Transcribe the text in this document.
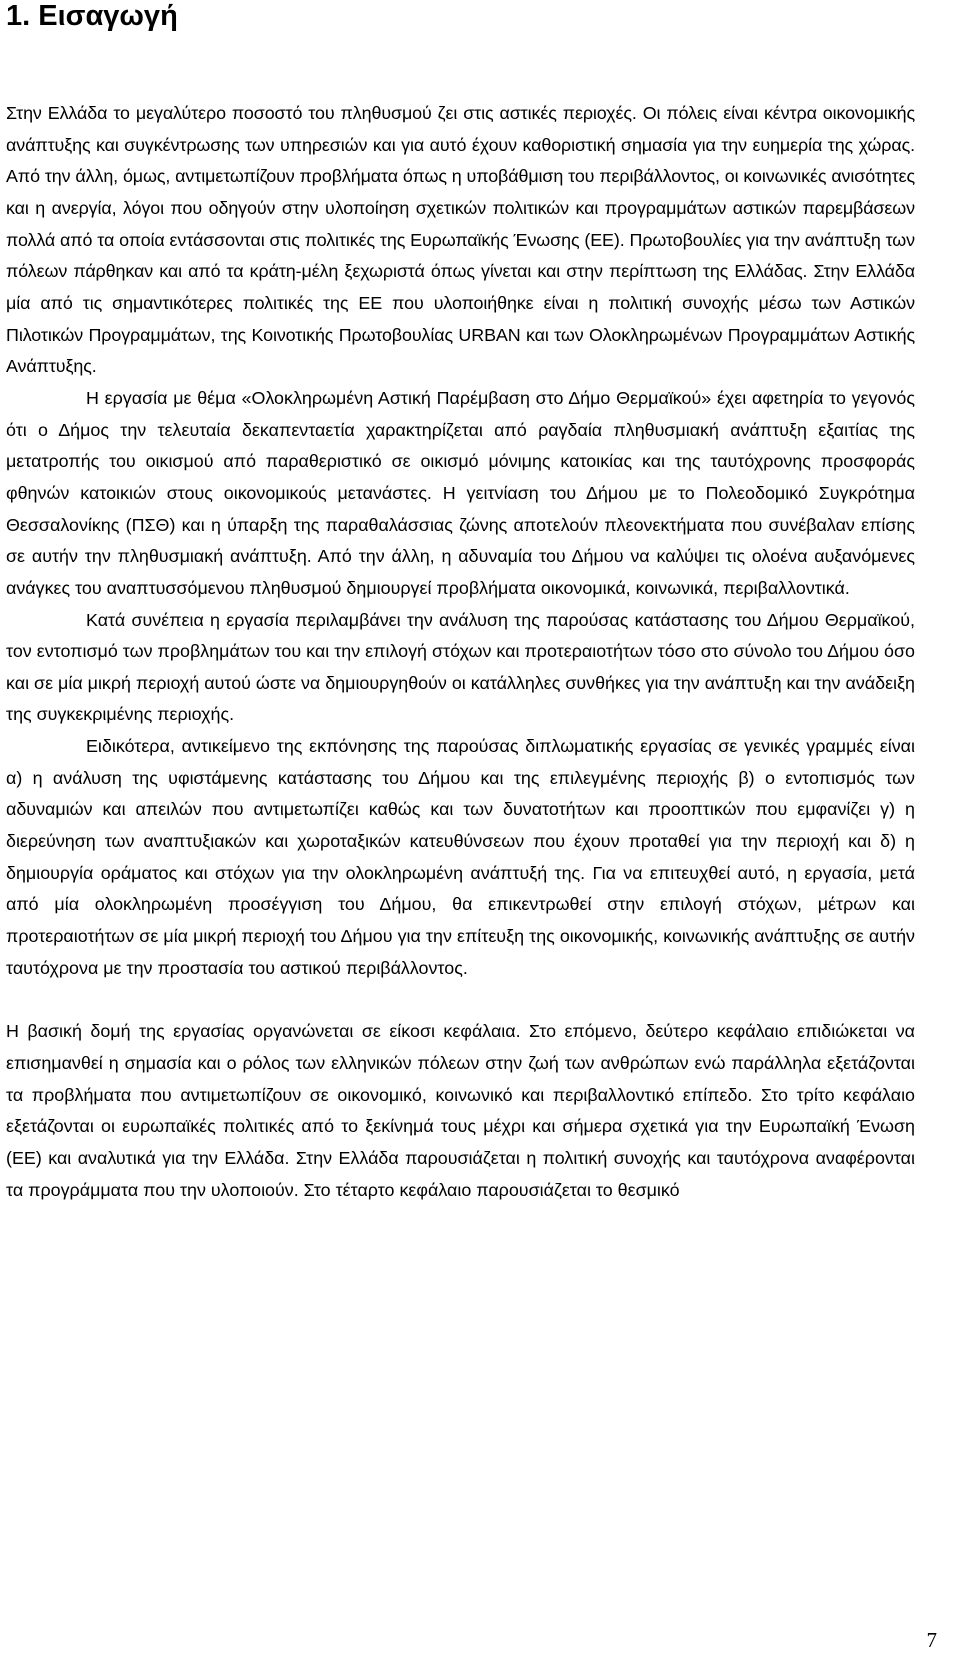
1. Εισαγωγή

Στην Ελλάδα το μεγαλύτερο ποσοστό του πληθυσμού ζει στις αστικές περιοχές. Οι πόλεις είναι κέντρα οικονομικής ανάπτυξης και συγκέντρωσης των υπηρεσιών και για αυτό έχουν καθοριστική σημασία για την ευημερία της χώρας. Από την άλλη, όμως, αντιμετωπίζουν προβλήματα όπως η υποβάθμιση του περιβάλλοντος, οι κοινωνικές ανισότητες και η ανεργία, λόγοι που οδηγούν στην υλοποίηση σχετικών πολιτικών και προγραμμάτων αστικών παρεμβάσεων πολλά από τα οποία εντάσσονται στις πολιτικές της Ευρωπαϊκής Ένωσης (ΕΕ). Πρωτοβουλίες για την ανάπτυξη των πόλεων πάρθηκαν και από τα κράτη-μέλη ξεχωριστά όπως γίνεται και στην περίπτωση της Ελλάδας. Στην Ελλάδα μία από τις σημαντικότερες πολιτικές της ΕΕ που υλοποιήθηκε είναι η πολιτική συνοχής μέσω των Αστικών Πιλοτικών Προγραμμάτων, της Κοινοτικής Πρωτοβουλίας URBAN και των Ολοκληρωμένων Προγραμμάτων Αστικής Ανάπτυξης.

Η εργασία με θέμα «Ολοκληρωμένη Αστική Παρέμβαση στο Δήμο Θερμαϊκού» έχει αφετηρία το γεγονός ότι ο Δήμος την τελευταία δεκαπενταετία χαρακτηρίζεται από ραγδαία πληθυσμιακή ανάπτυξη εξαιτίας της μετατροπής του οικισμού από παραθεριστικό σε οικισμό μόνιμης κατοικίας και της ταυτόχρονης προσφοράς φθηνών κατοικιών στους οικονομικούς μετανάστες. Η γειτνίαση του Δήμου με το Πολεοδομικό Συγκρότημα Θεσσαλονίκης (ΠΣΘ) και η ύπαρξη της παραθαλάσσιας ζώνης αποτελούν πλεονεκτήματα που συνέβαλαν επίσης σε αυτήν την πληθυσμιακή ανάπτυξη. Από την άλλη, η αδυναμία του Δήμου να καλύψει τις ολοένα αυξανόμενες ανάγκες του αναπτυσσόμενου πληθυσμού δημιουργεί προβλήματα οικονομικά, κοινωνικά, περιβαλλοντικά.

Κατά συνέπεια η εργασία περιλαμβάνει την ανάλυση της παρούσας κατάστασης του Δήμου Θερμαϊκού, τον εντοπισμό των προβλημάτων του και την επιλογή στόχων και προτεραιοτήτων τόσο στο σύνολο του Δήμου όσο και σε μία μικρή περιοχή αυτού ώστε να δημιουργηθούν οι κατάλληλες συνθήκες για την ανάπτυξη και την ανάδειξη της συγκεκριμένης περιοχής.

Ειδικότερα, αντικείμενο της εκπόνησης της παρούσας διπλωματικής εργασίας σε γενικές γραμμές είναι α) η ανάλυση της υφιστάμενης κατάστασης του Δήμου και της επιλεγμένης περιοχής β) ο εντοπισμός των αδυναμιών και απειλών που αντιμετωπίζει καθώς και των δυνατοτήτων και προοπτικών που εμφανίζει γ) η διερεύνηση των αναπτυξιακών και χωροταξικών κατευθύνσεων που έχουν προταθεί για την περιοχή και δ) η δημιουργία οράματος και στόχων για την ολοκληρωμένη ανάπτυξή της. Για να επιτευχθεί αυτό, η εργασία, μετά από μία ολοκληρωμένη προσέγγιση του Δήμου, θα επικεντρωθεί στην επιλογή στόχων, μέτρων και προτεραιοτήτων σε μία μικρή περιοχή του Δήμου για την επίτευξη της οικονομικής, κοινωνικής ανάπτυξης σε αυτήν ταυτόχρονα με την προστασία του αστικού περιβάλλοντος.

Η βασική δομή της εργασίας οργανώνεται σε είκοσι κεφάλαια. Στο επόμενο, δεύτερο κεφάλαιο επιδιώκεται να επισημανθεί η σημασία και ο ρόλος των ελληνικών πόλεων στην ζωή των ανθρώπων ενώ παράλληλα εξετάζονται τα προβλήματα που αντιμετωπίζουν σε οικονομικό, κοινωνικό και περιβαλλοντικό επίπεδο. Στο τρίτο κεφάλαιο εξετάζονται οι ευρωπαϊκές πολιτικές από το ξεκίνημά τους μέχρι και σήμερα σχετικά για την Ευρωπαϊκή Ένωση (ΕΕ) και αναλυτικά για την Ελλάδα. Στην Ελλάδα παρουσιάζεται η πολιτική συνοχής και ταυτόχρονα αναφέρονται τα προγράμματα που την υλοποιούν. Στο τέταρτο κεφάλαιο παρουσιάζεται το θεσμικό

7
